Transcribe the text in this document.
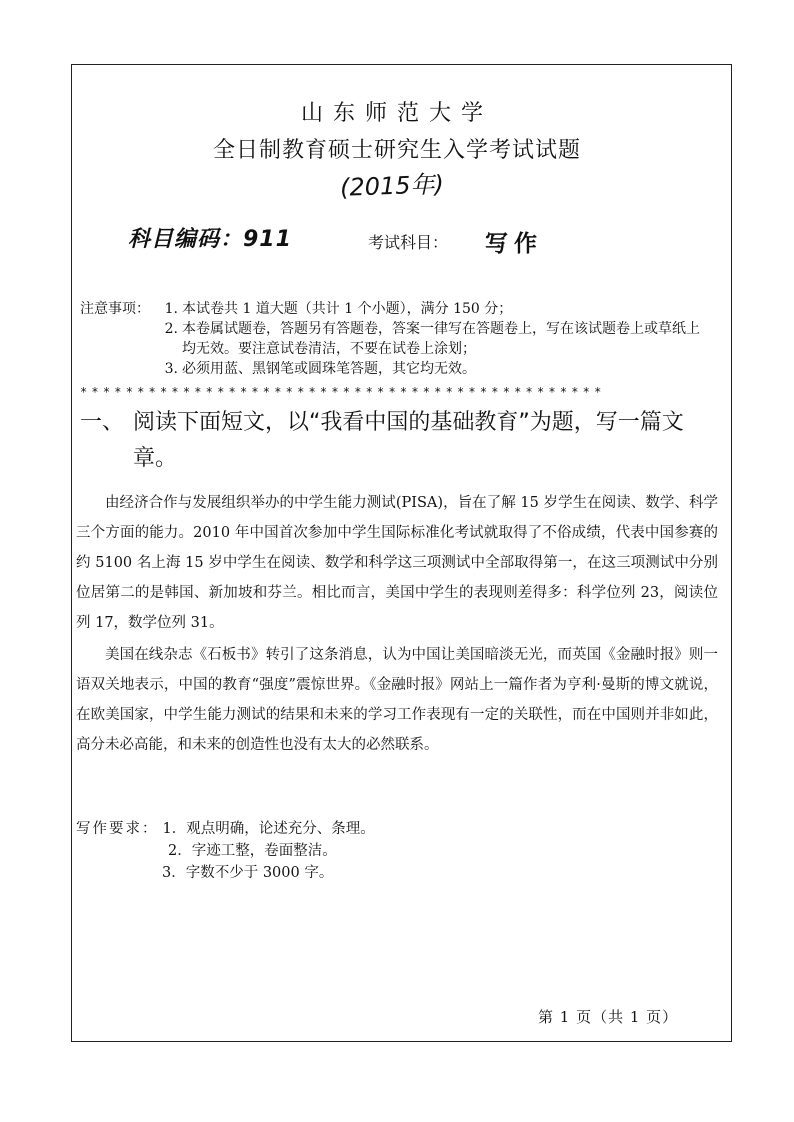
山东师范大学
全日制教育硕士研究生入学考试试题
(2015年)
科目编码：911	考试科目： 写作
注意事项：	1. 本试卷共 1 道大题（共计 1 个小题），满分 150 分；
2. 本卷属试题卷，答题另有答题卷，答案一律写在答题卷上，写在该试题卷上或草纸上均无效。要注意试卷清洁，不要在试卷上涂划；
3. 必须用蓝、黑钢笔或圆珠笔答题，其它均无效。
**********************************************
一、 阅读下面短文，以“我看中国的基础教育”为题，写一篇文章。

由经济合作与发展组织举办的中学生能力测试(PISA)，旨在了解 15 岁学生在阅读、数学、科学三个方面的能力。2010 年中国首次参加中学生国际标准化考试就取得了不俗成绩，代表中国参赛的约 5100 名上海 15 岁中学生在阅读、数学和科学这三项测试中全部取得第一，在这三项测试中分别位居第二的是韩国、新加坡和芬兰。相比而言，美国中学生的表现则差得多：科学位列 23，阅读位列 17，数学位列 31。

美国在线杂志《石板书》转引了这条消息，认为中国让美国暗淡无光，而英国《金融时报》则一语双关地表示，中国的教育“强度”震惊世界。《金融时报》网站上一篇作者为亨利·曼斯的博文就说，在欧美国家，中学生能力测试的结果和未来的学习工作表现有一定的关联性，而在中国则并非如此，高分未必高能，和未来的创造性也没有太大的必然联系。

写作要求： 1．观点明确，论述充分、条理。
2．字迹工整，卷面整洁。
3．字数不少于 3000 字。
第 1 页（共 1 页）
